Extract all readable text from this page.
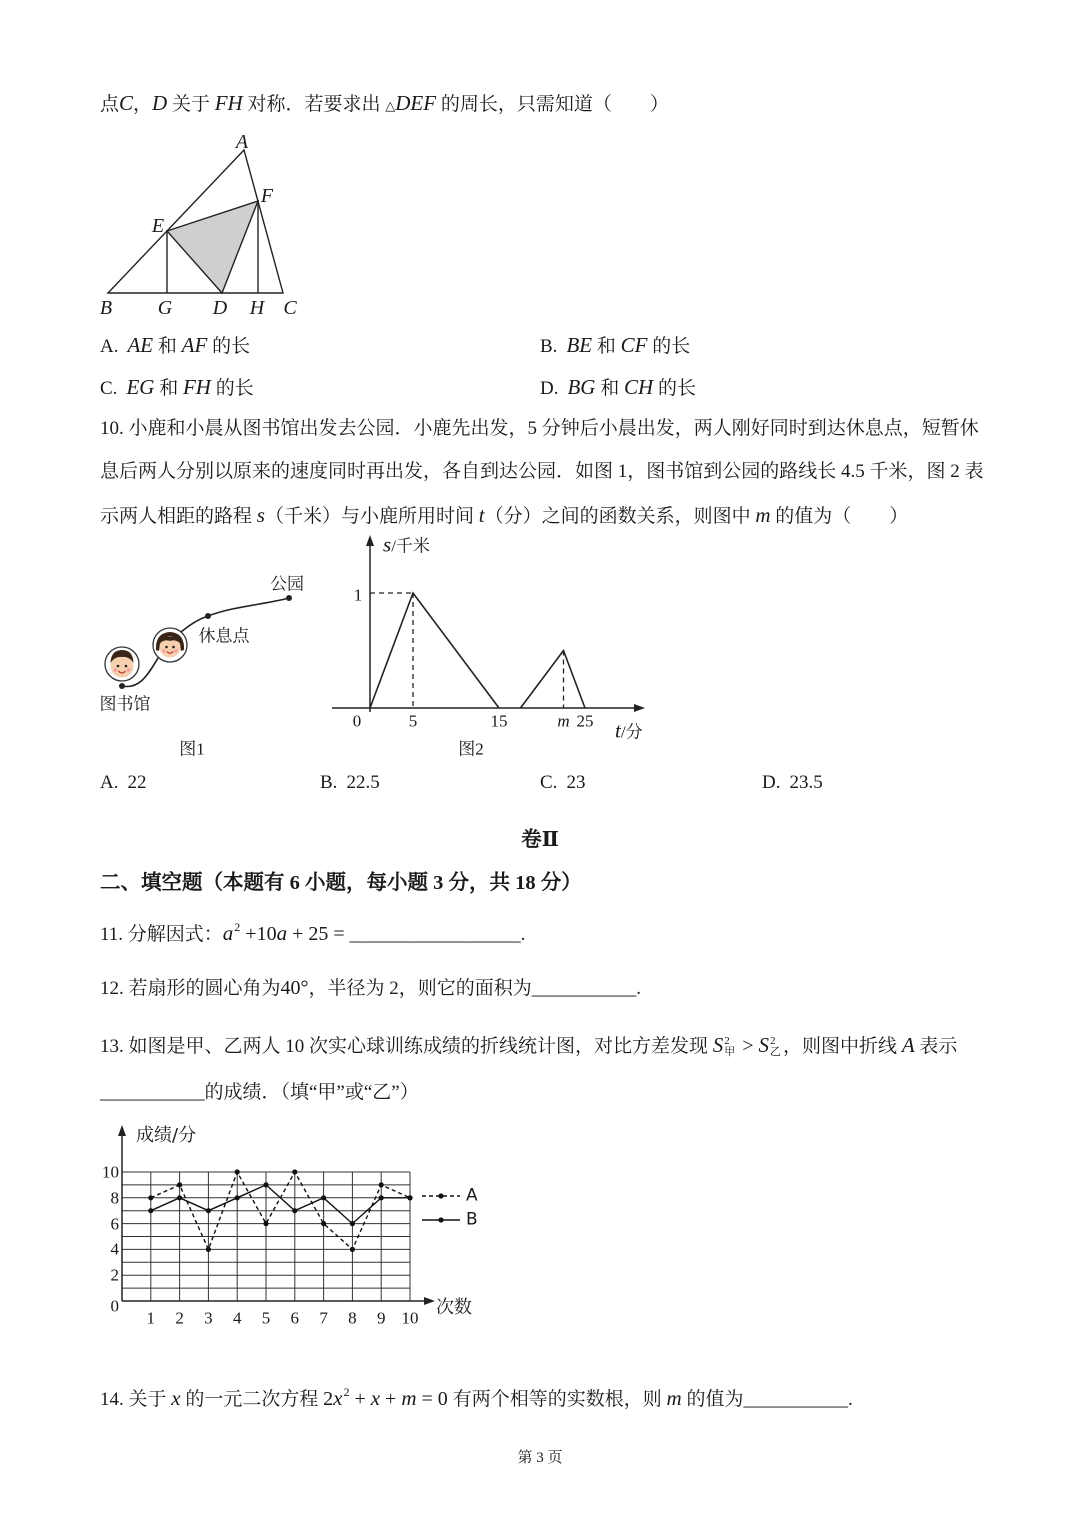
点C，D 关于 FH 对称．若要求出 △DEF 的周长，只需知道（　　）
A
E
F
B G D H C
A. AE 和 AF 的长	B. BE 和 CF 的长
C. EG 和 FH 的长	D. BG 和 CH 的长
10. 小鹿和小晨从图书馆出发去公园．小鹿先出发，5 分钟后小晨出发，两人刚好同时到达休息点，短暂休
息后两人分别以原来的速度同时再出发，各自到达公园．如图 1，图书馆到公园的路线长 4.5 千米，图 2 表
示两人相距的路程 s（千米）与小鹿所用时间 t（分）之间的函数关系，则图中 m 的值为（　　）
公园
休息点
图书馆
图1
s/千米
t/分
图2
A. 22	B. 22.5	C. 23	D. 23.5
卷Ⅱ
二、填空题（本题有 6 小题，每小题 3 分，共 18 分）
11. 分解因式：$a^2 +10a + 25$ = __________________.
12. 若扇形的圆心角为40°，半径为 2，则它的面积为___________.
13. 如图是甲、乙两人 10 次实心球训练成绩的折线统计图，对比方差发现 S 2
甲 > S 2
乙 ，则图中折线 A 表示
___________的成绩．（填“甲”或“乙”）
成绩/分
次数
14. 关于 x 的一元二次方程 $2x^2 + x + m = 0$ 有两个相等的实数根，则 m 的值为___________.
第 3 页
0	5	15	m 25
1
A
B
1 2 3 4 5 6 7 8 9 10
0
2
4
6
8
10
